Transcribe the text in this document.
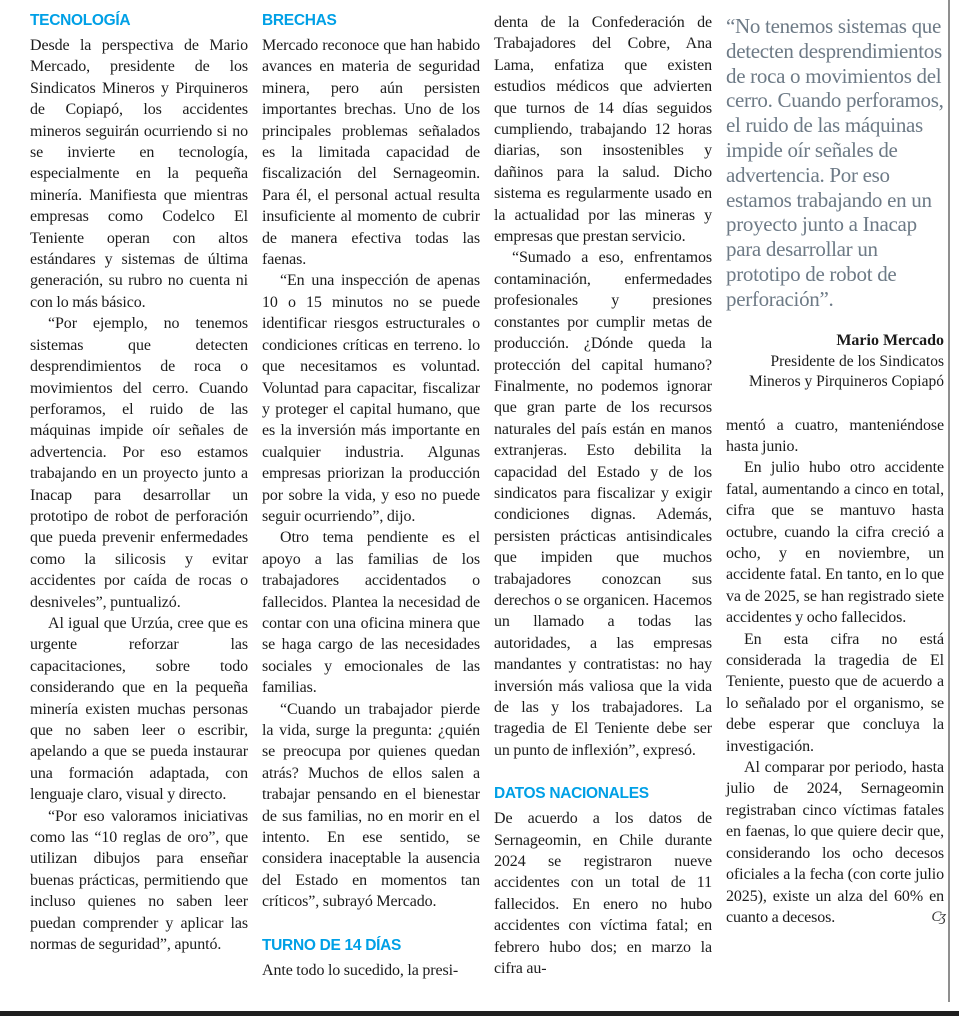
TECNOLOGÍA

Desde la perspectiva de Mario Mercado, presidente de los Sindicatos Mineros y Pirquineros de Copiapó, los accidentes mineros seguirán ocurriendo si no se invierte en tecnología, especialmente en la pequeña minería. Manifiesta que mientras empresas como Codelco El Teniente operan con altos estándares y sistemas de última generación, su rubro no cuenta ni con lo más básico.

“Por ejemplo, no tenemos sistemas que detecten desprendimientos de roca o movimientos del cerro. Cuando perforamos, el ruido de las máquinas impide oír señales de advertencia. Por eso estamos trabajando en un proyecto junto a Inacap para desarrollar un prototipo de robot de perforación que pueda prevenir enfermedades como la silicosis y evitar accidentes por caída de rocas o desniveles”, puntualizó.

Al igual que Urzúa, cree que es urgente reforzar las capacitaciones, sobre todo considerando que en la pequeña minería existen muchas personas que no saben leer o escribir, apelando a que se pueda instaurar una formación adaptada, con lenguaje claro, visual y directo.

“Por eso valoramos iniciativas como las “10 reglas de oro”, que utilizan dibujos para enseñar buenas prácticas, permitiendo que incluso quienes no saben leer puedan comprender y aplicar las normas de seguridad”, apuntó.

BRECHAS

Mercado reconoce que han habido avances en materia de seguridad minera, pero aún persisten importantes brechas. Uno de los principales problemas señalados es la limitada capacidad de fiscalización del Sernageomin. Para él, el personal actual resulta insuficiente al momento de cubrir de manera efectiva todas las faenas.

“En una inspección de apenas 10 o 15 minutos no se puede identificar riesgos estructurales o condiciones críticas en terreno. lo que necesitamos es voluntad. Voluntad para capacitar, fiscalizar y proteger el capital humano, que es la inversión más importante en cualquier industria. Algunas empresas priorizan la producción por sobre la vida, y eso no puede seguir ocurriendo”, dijo.

Otro tema pendiente es el apoyo a las familias de los trabajadores accidentados o fallecidos. Plantea la necesidad de contar con una oficina minera que se haga cargo de las necesidades sociales y emocionales de las familias.

“Cuando un trabajador pierde la vida, surge la pregunta: ¿quién se preocupa por quienes quedan atrás? Muchos de ellos salen a trabajar pensando en el bienestar de sus familias, no en morir en el intento. En ese sentido, se considera inaceptable la ausencia del Estado en momentos tan críticos”, subrayó Mercado.

TURNO DE 14 DÍAS

Ante todo lo sucedido, la presi-

denta de la Confederación de Trabajadores del Cobre, Ana Lama, enfatiza que existen estudios médicos que advierten que turnos de 14 días seguidos cumpliendo, trabajando 12 horas diarias, son insostenibles y dañinos para la salud. Dicho sistema es regularmente usado en la actualidad por las mineras y empresas que prestan servicio.

“Sumado a eso, enfrentamos contaminación, enfermedades profesionales y presiones constantes por cumplir metas de producción. ¿Dónde queda la protección del capital humano? Finalmente, no podemos ignorar que gran parte de los recursos naturales del país están en manos extranjeras. Esto debilita la capacidad del Estado y de los sindicatos para fiscalizar y exigir condiciones dignas. Además, persisten prácticas antisindicales que impiden que muchos trabajadores conozcan sus derechos o se organicen. Hacemos un llamado a todas las autoridades, a las empresas mandantes y contratistas: no hay inversión más valiosa que la vida de las y los trabajadores. La tragedia de El Teniente debe ser un punto de inflexión”, expresó.

DATOS NACIONALES

De acuerdo a los datos de Sernageomin, en Chile durante 2024 se registraron nueve accidentes con un total de 11 fallecidos. En enero no hubo accidentes con víctima fatal; en febrero hubo dos; en marzo la cifra au-

“No tenemos sistemas que detecten desprendimientos de roca o movimientos del cerro. Cuando perforamos, el ruido de las máquinas impide oír señales de advertencia. Por eso estamos trabajando en un proyecto junto a Inacap para desarrollar un prototipo de robot de perforación”.

Mario Mercado

Presidente de los Sindicatos Mineros y Pirquineros Copiapó

mentó a cuatro, manteniéndose hasta junio.

En julio hubo otro accidente fatal, aumentando a cinco en total, cifra que se mantuvo hasta octubre, cuando la cifra creció a ocho, y en noviembre, un accidente fatal. En tanto, en lo que va de 2025, se han registrado siete accidentes y ocho fallecidos.

En esta cifra no está considerada la tragedia de El Teniente, puesto que de acuerdo a lo señalado por el organismo, se debe esperar que concluya la investigación.

Al comparar por periodo, hasta julio de 2024, Sernageomin registraban cinco víctimas fatales en faenas, lo que quiere decir que, considerando los ocho decesos oficiales a la fecha (con corte julio 2025), existe un alza del 60% en cuanto a decesos.	Cʒ
